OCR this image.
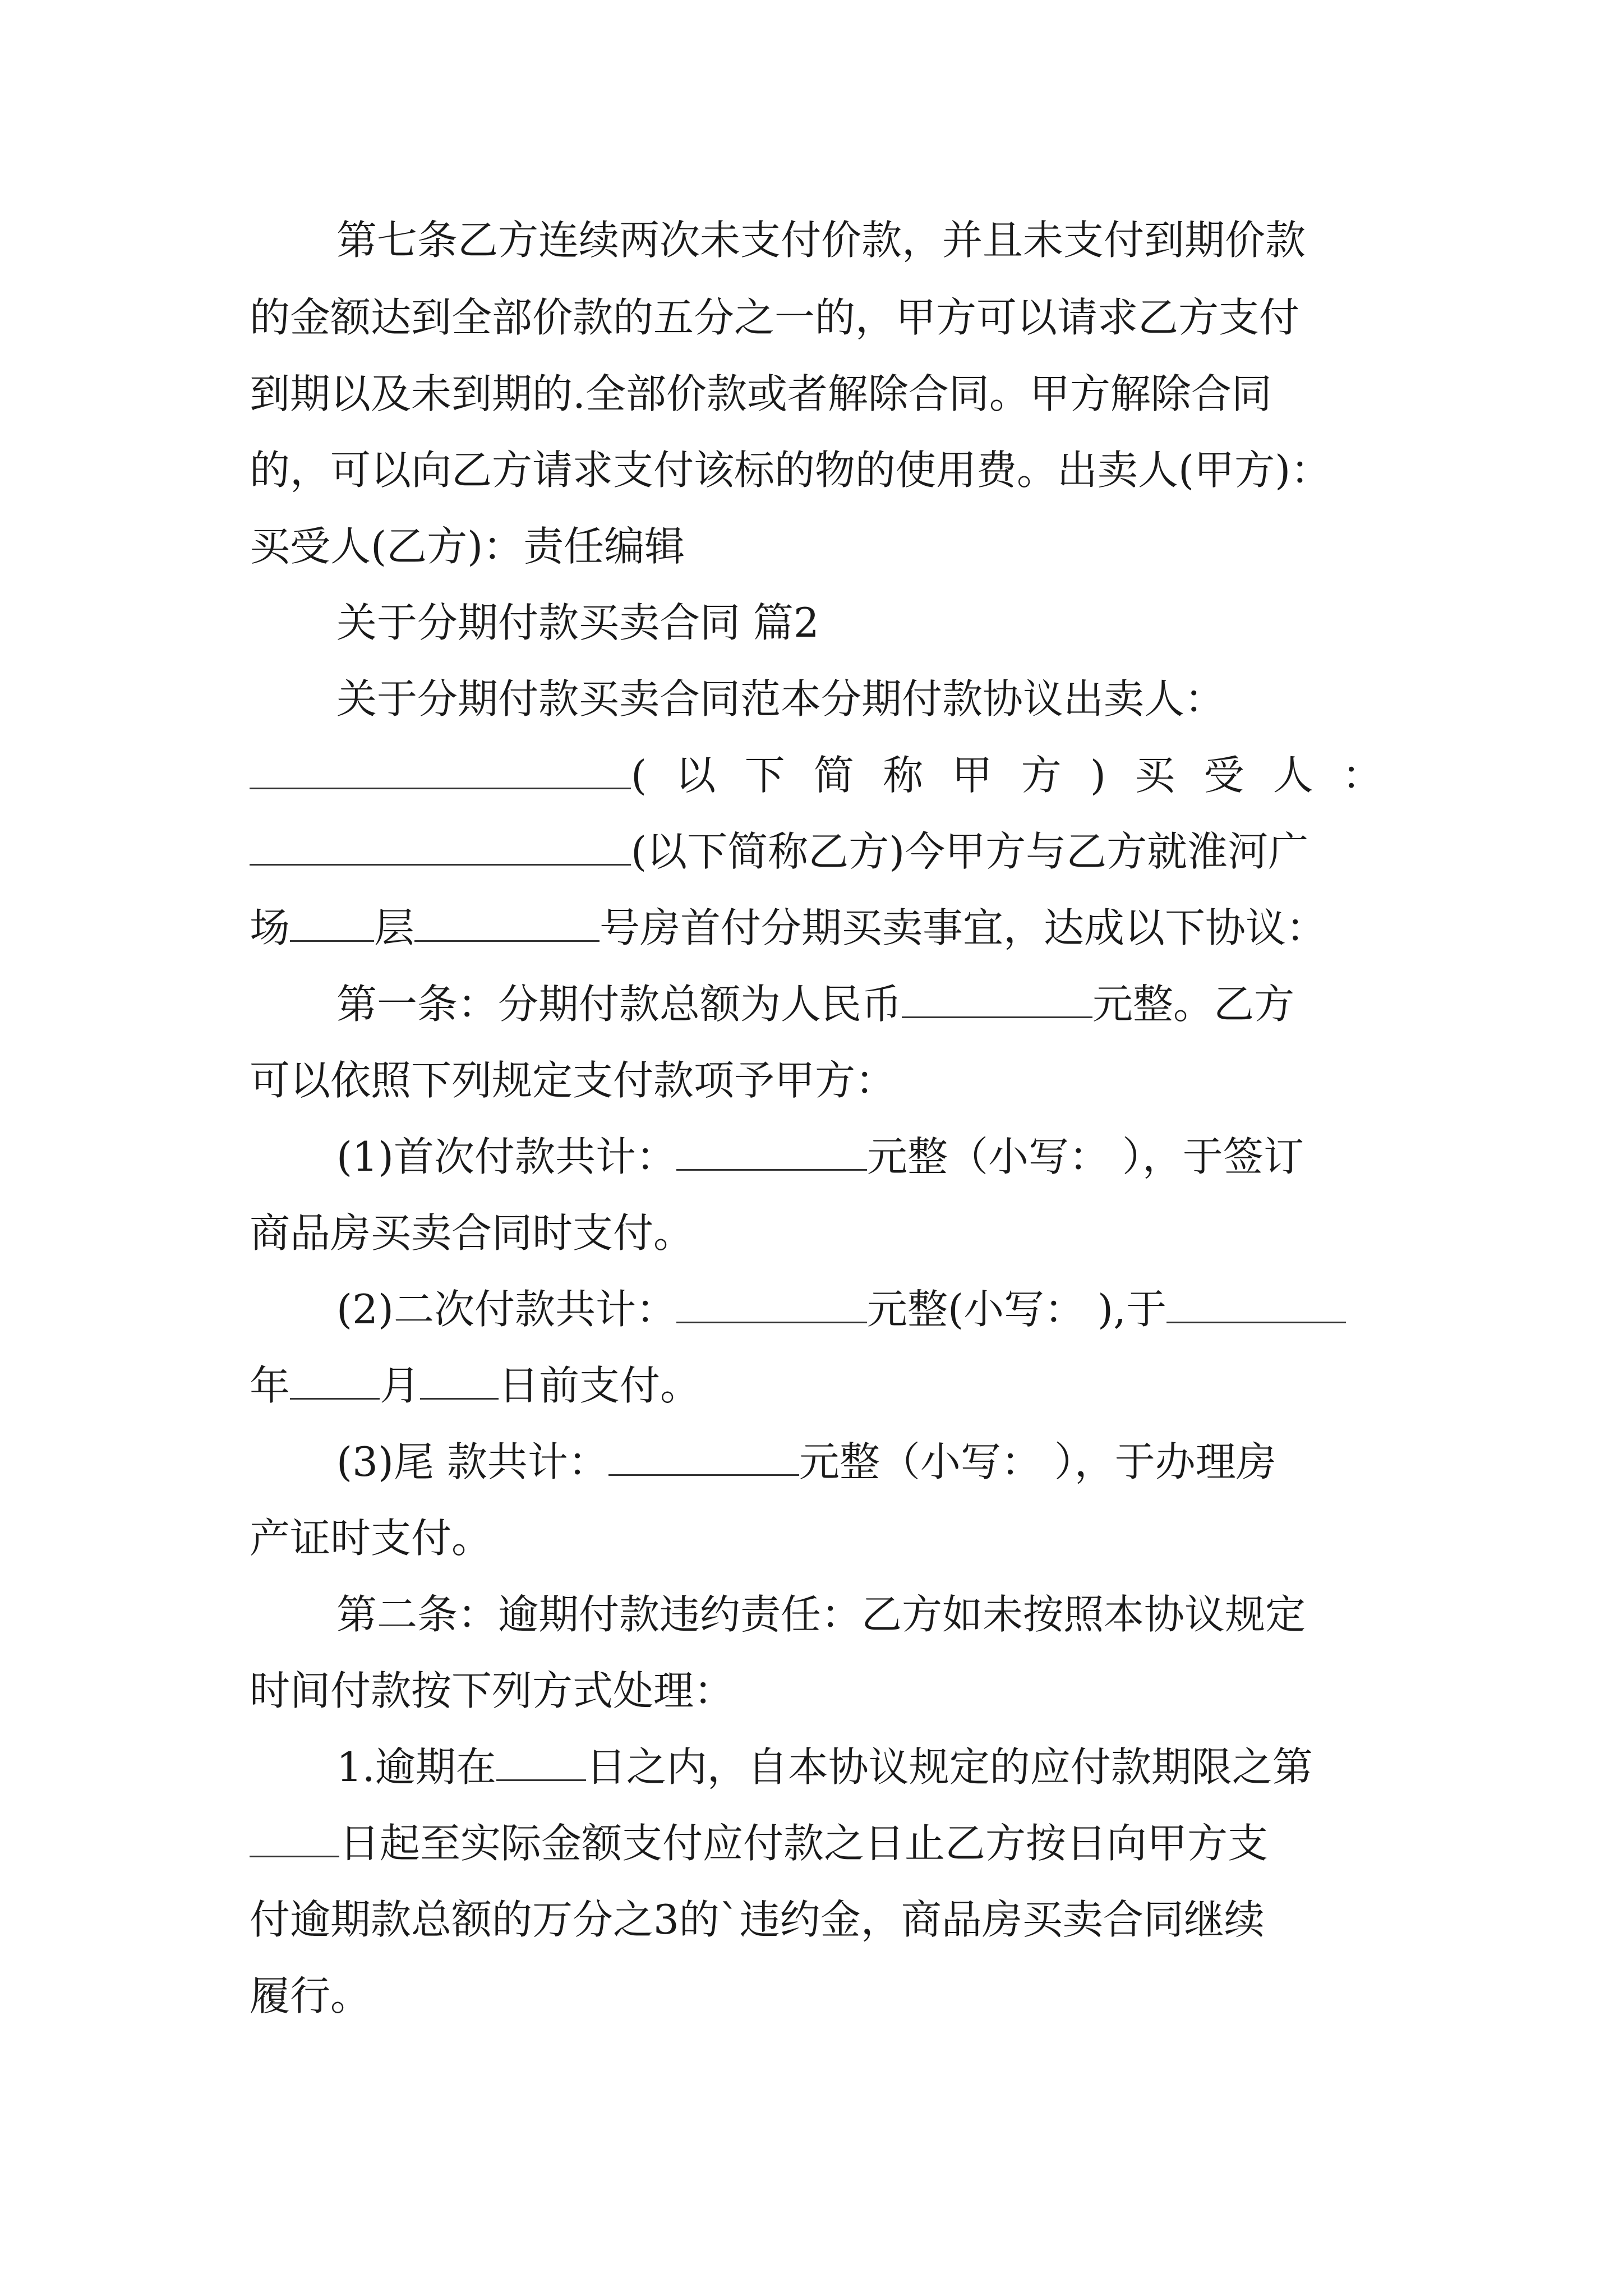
第七条乙方连续两次未支付价款，并且未支付到期价款
的金额达到全部价款的五分之一的，甲方可以请求乙方支付
到期以及未到期的.全部价款或者解除合同。甲方解除合同
的，可以向乙方请求支付该标的物的使用费。出卖人(甲方)：
买受人(乙方)：责任编辑
关于分期付款买卖合同 篇2
关于分期付款买卖合同范本分期付款协议出卖人：
( 以 下 简 称 甲 方 ) 买 受 人 ：
(以下简称乙方)今甲方与乙方就淮河广
场 层	号房首付分期买卖事宜，达成以下协议：
第一条：分期付款总额为人民币	元整。乙方
可以依照下列规定支付款项予甲方：
(1)首次付款共计：	元整（小写： ），于签订
商品房买卖合同时支付。
(2)二次付款共计：	元整(小写： ),于
年 月 日前支付。
(3)尾 款共计：	元整（小写： ），于办理房
产证时支付。
第二条：逾期付款违约责任：乙方如未按照本协议规定
时间付款按下列方式处理：
1.逾期在 日之内，自本协议规定的应付款期限之第
日起至实际金额支付应付款之日止乙方按日向甲方支
付逾期款总额的万分之3的`违约金，商品房买卖合同继续
履行。
